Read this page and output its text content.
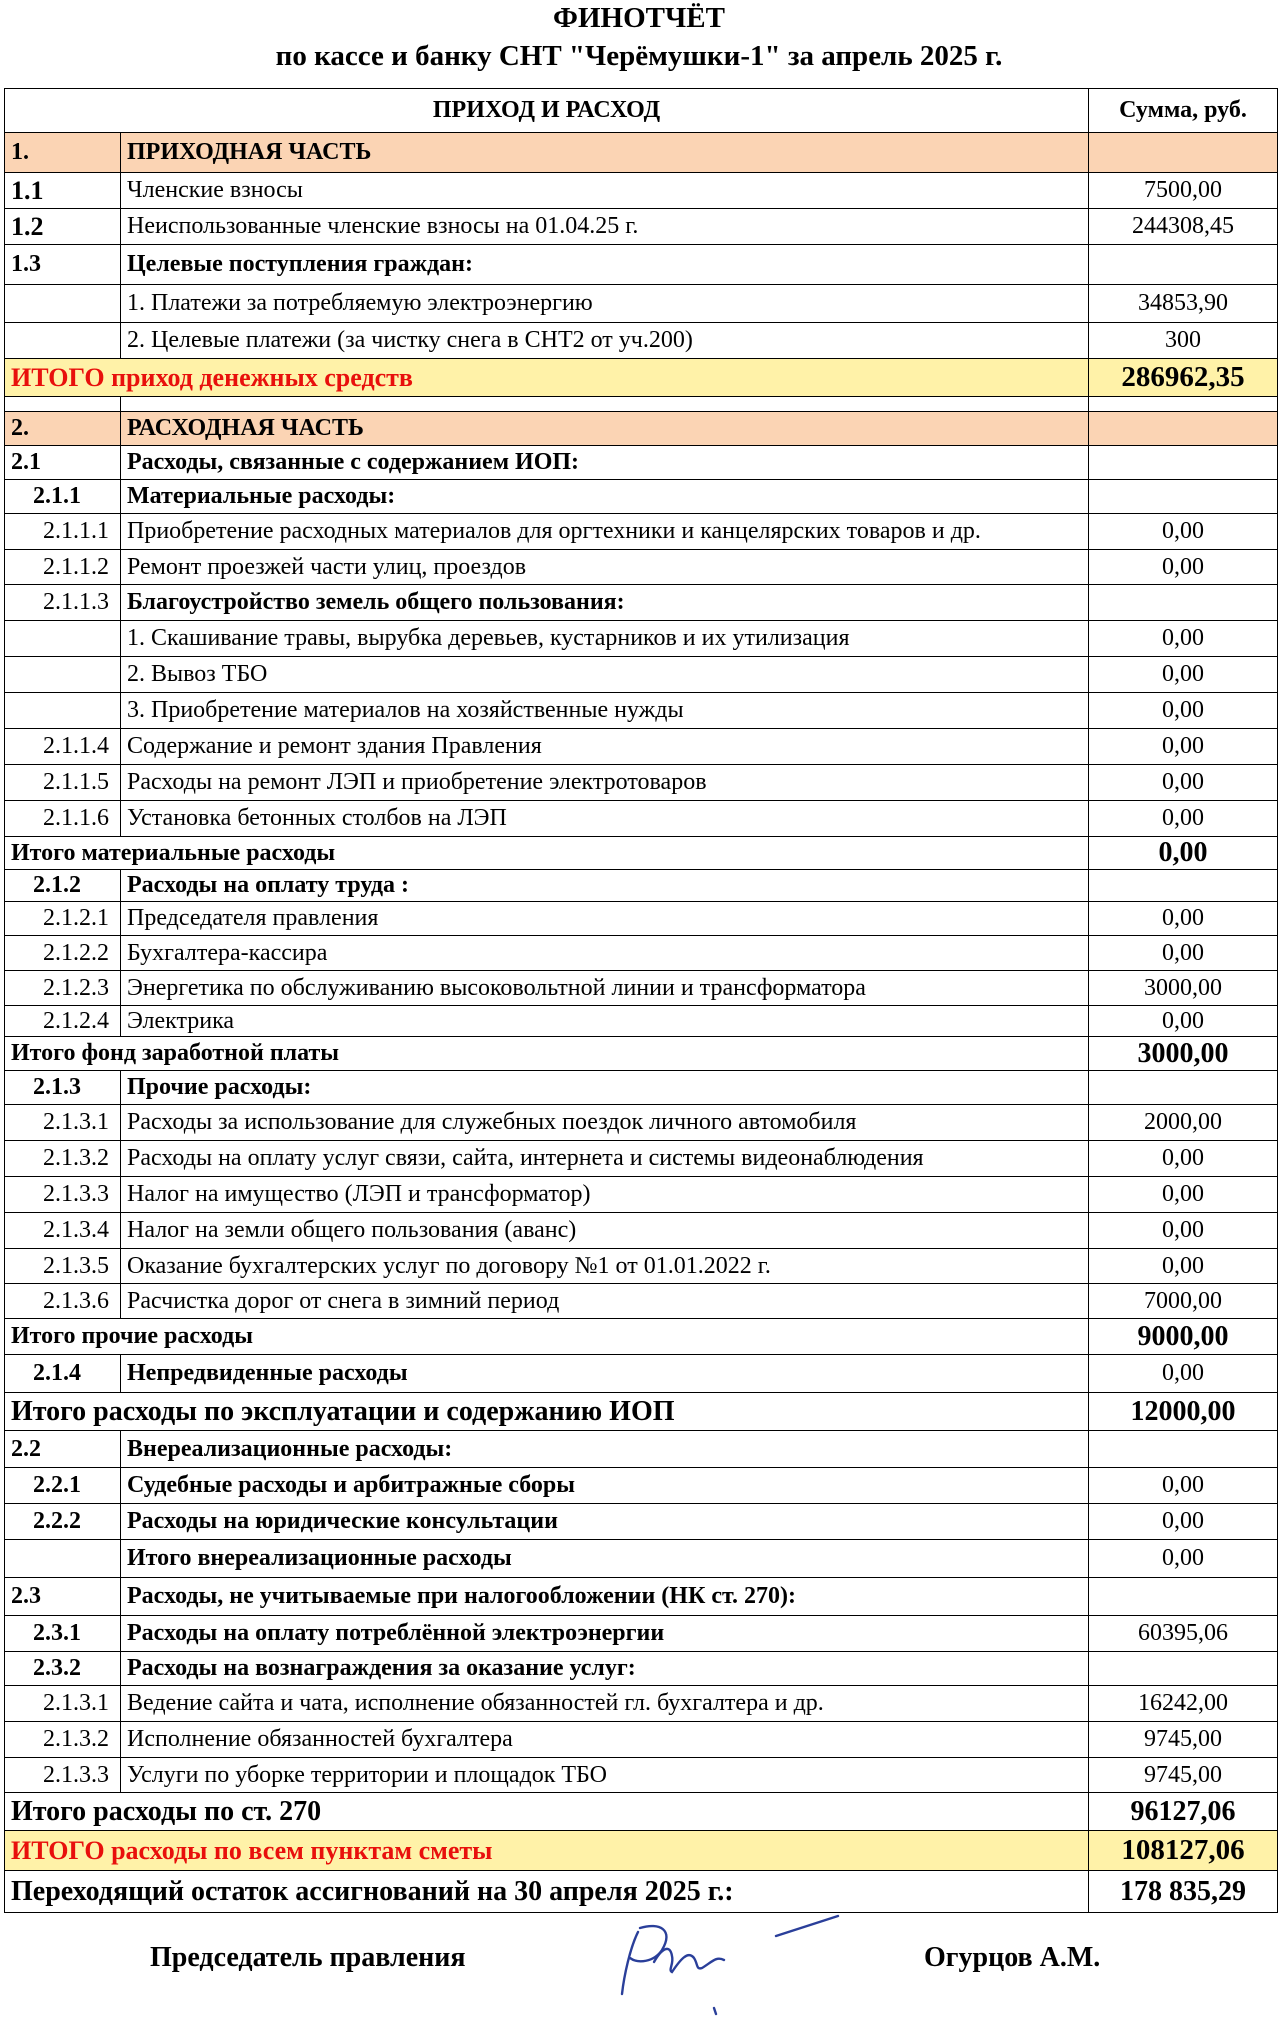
ФИНОТЧЁТ
по кассе и банку СНТ "Черёмушки-1" за апрель 2025 г.
ПРИХОД И РАСХОД		Сумма, руб.
1.	ПРИХОДНАЯ ЧАСТЬ	
1.1	Членские взносы	7500,00
1.2	Неиспользованные членские взносы на 01.04.25 г.	244308,45
1.3	Целевые поступления граждан:	
	1. Платежи за потребляемую электроэнергию	34853,90
	2. Целевые платежи (за чистку снега в СНТ2 от уч.200)	300
ИТОГО приход денежных средств		286962,35

2.	РАСХОДНАЯ ЧАСТЬ	
2.1	Расходы, связанные с содержанием ИОП:	
2.1.1	Материальные расходы:	
2.1.1.1	Приобретение расходных материалов для оргтехники и канцелярских товаров и др.	0,00
2.1.1.2	Ремонт проезжей части улиц, проездов	0,00
2.1.1.3	Благоустройство земель общего пользования:	
	1. Скашивание травы, вырубка деревьев, кустарников и их утилизация	0,00
	2. Вывоз ТБО	0,00
	3. Приобретение материалов на хозяйственные нужды	0,00
2.1.1.4	Содержание и ремонт здания Правления	0,00
2.1.1.5	Расходы на ремонт ЛЭП и приобретение электротоваров	0,00
2.1.1.6	Установка бетонных столбов на ЛЭП	0,00
Итого материальные расходы		0,00
2.1.2	Расходы на оплату труда :	
2.1.2.1	Председателя правления	0,00
2.1.2.2	Бухгалтера-кассира	0,00
2.1.2.3	Энергетика по обслуживанию высоковольтной линии и трансформатора	3000,00
2.1.2.4	Электрика	0,00
Итого фонд заработной платы		3000,00
2.1.3	Прочие расходы:	
2.1.3.1	Расходы за использование для служебных поездок личного автомобиля	2000,00
2.1.3.2	Расходы на оплату услуг связи, сайта, интернета и системы видеонаблюдения	0,00
2.1.3.3	Налог на имущество (ЛЭП и трансформатор)	0,00
2.1.3.4	Налог на земли общего пользования (аванс)	0,00
2.1.3.5	Оказание бухгалтерских услуг по договору №1 от 01.01.2022 г.	0,00
2.1.3.6	Расчистка дорог от снега в зимний период	7000,00
Итого прочие расходы		9000,00
2.1.4	Непредвиденные расходы	0,00
Итого расходы по эксплуатации и содержанию ИОП		12000,00
2.2	Внереализационные расходы:	
2.2.1	Судебные расходы и арбитражные сборы	0,00
2.2.2	Расходы на юридические консультации	0,00
	Итого внереализационные расходы	0,00
2.3	Расходы, не учитываемые при налогообложении (НК ст. 270):	
2.3.1	Расходы на оплату потреблённой электроэнергии	60395,06
2.3.2	Расходы на вознаграждения за оказание услуг:	
2.1.3.1	Ведение сайта и чата, исполнение обязанностей гл. бухгалтера и др.	16242,00
2.1.3.2	Исполнение обязанностей бухгалтера	9745,00
2.1.3.3	Услуги по уборке территории и площадок ТБО	9745,00
Итого расходы по ст. 270		96127,06
ИТОГО расходы по всем пунктам сметы		108127,06
Переходящий остаток ассигнований на 30 апреля 2025 г.:		178 835,29
Председатель правления	Огурцов А.М.
